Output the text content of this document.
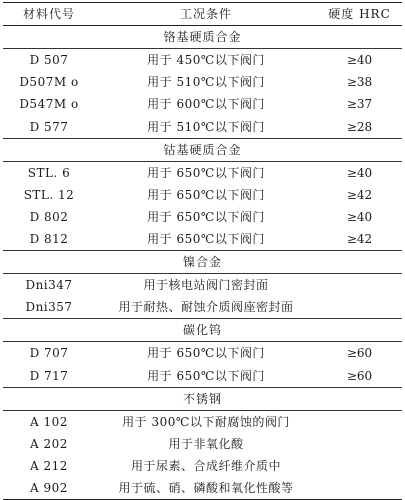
材料代号	工况条件	硬度 HRC
铬基硬质合金		
D 507	用于 450℃以下阀门	≥40
D507M o	用于 510℃以下阀门	≥38
D547M o	用于 600℃以下阀门	≥37
D 577	用于 510℃以下阀门	≥28
钴基硬质合金		
STL. 6	用于 650℃以下阀门	≥40
STL. 12	用于 650℃以下阀门	≥42
D 802	用于 650℃以下阀门	≥40
D 812	用于 650℃以下阀门	≥42
镍合金		
Dni347	用于核电站阀门密封面	
Dni357	用于耐热、耐蚀介质阀座密封面	
碳化钨		
D 707	用于 650℃以下阀门	≥60
D 717	用于 650℃以下阀门	≥60
不锈钢		
A 102	用于 300℃以下耐腐蚀的阀门	
A 202	用于非氧化酸	
A 212	用于尿素、合成纤维介质中	
A 902	用于硫、硝、磷酸和氧化性酸等	
